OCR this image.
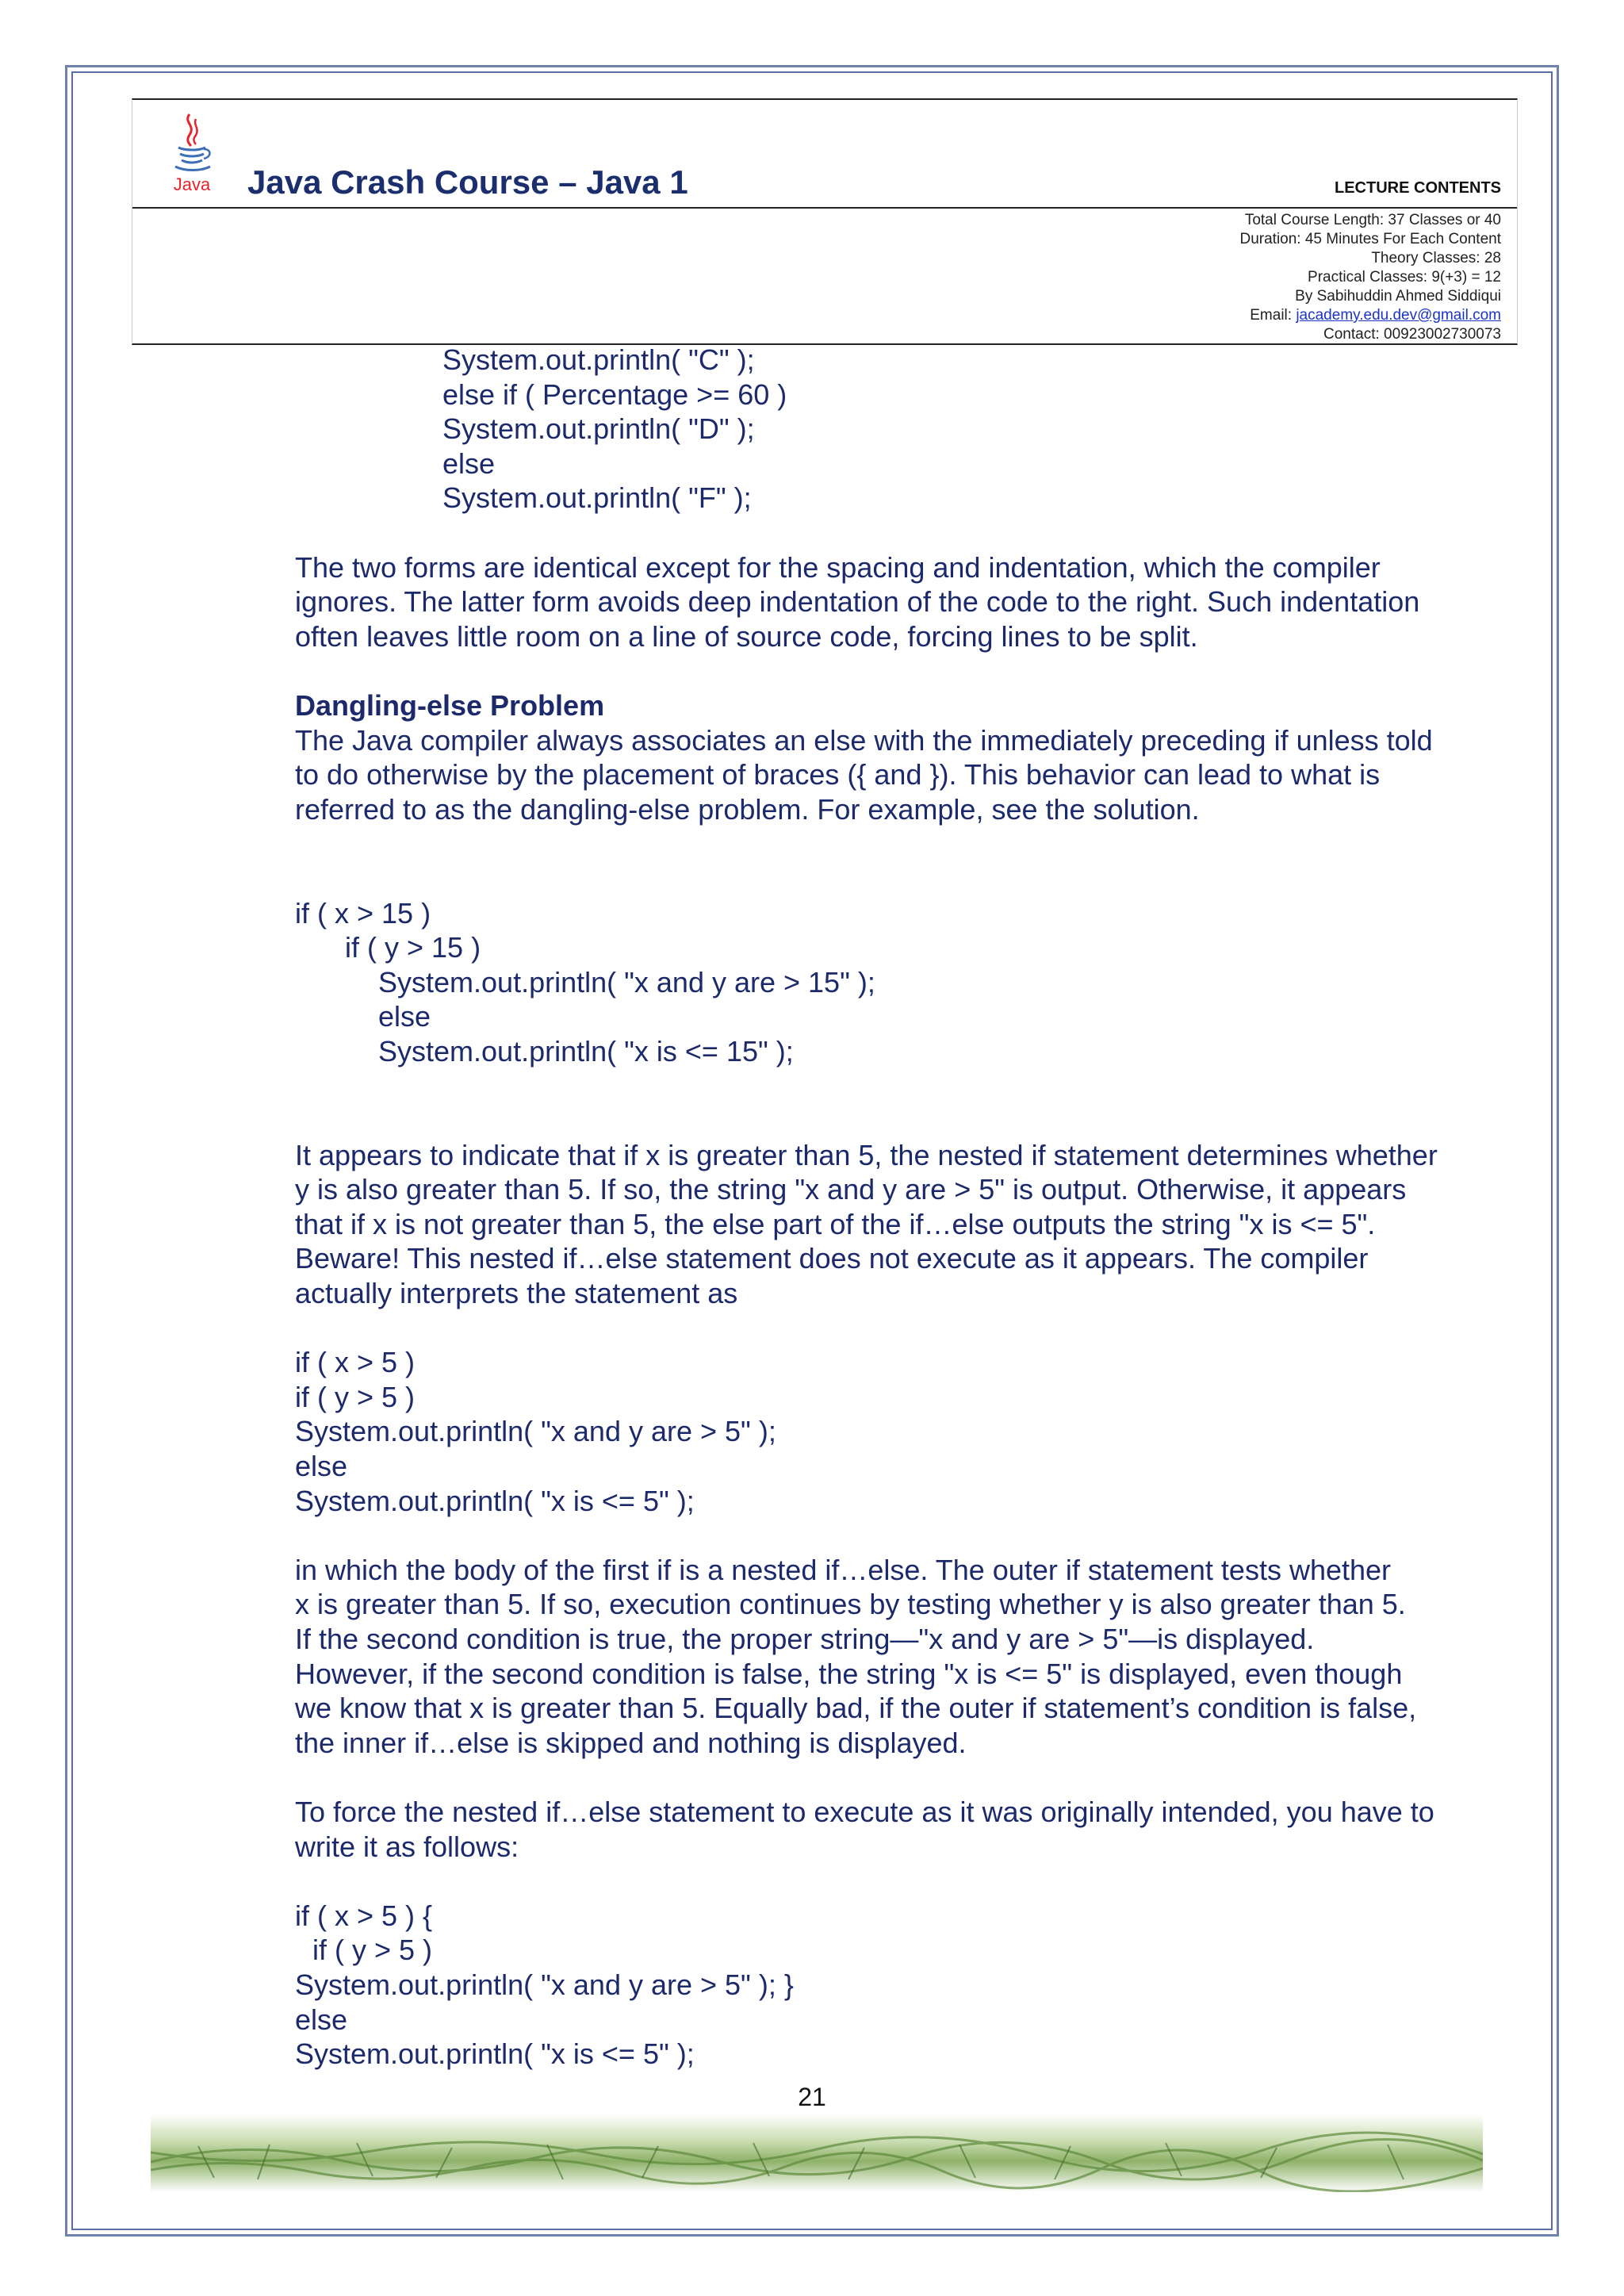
Java Java Crash Course – Java 1	LECTURE CONTENTS
Total Course Length: 37 Classes or 40
Duration: 45 Minutes For Each Content
Theory Classes: 28
Practical Classes: 9(+3) = 12
By Sabihuddin Ahmed Siddiqui
Email: jacademy.edu.dev@gmail.com
Contact: 00923002730073

System.out.println( "C" );

else if ( Percentage >= 60 )

System.out.println( "D" );

else

System.out.println( "F" );

The two forms are identical except for the spacing and indentation, which the compiler

ignores. The latter form avoids deep indentation of the code to the right. Such indentation

often leaves little room on a line of source code, forcing lines to be split.

Dangling-else Problem

The Java compiler always associates an else with the immediately preceding if unless told

to do otherwise by the placement of braces ({ and }). This behavior can lead to what is

referred to as the dangling-else problem. For example, see the solution.

if ( x > 15 )

if ( y > 15 )

System.out.println( "x and y are > 15" );

else

System.out.println( "x is <= 15" );

It appears to indicate that if x is greater than 5, the nested if statement determines whether

y is also greater than 5. If so, the string "x and y are > 5" is output. Otherwise, it appears

that if x is not greater than 5, the else part of the if…else outputs the string "x is <= 5".

Beware! This nested if…else statement does not execute as it appears. The compiler

actually interprets the statement as

if ( x > 5 )

if ( y > 5 )

System.out.println( "x and y are > 5" );

else

System.out.println( "x is <= 5" );

in which the body of the first if is a nested if…else. The outer if statement tests whether

x is greater than 5. If so, execution continues by testing whether y is also greater than 5.

If the second condition is true, the proper string—"x and y are > 5"—is displayed.

However, if the second condition is false, the string "x is <= 5" is displayed, even though

we know that x is greater than 5. Equally bad, if the outer if statement’s condition is false,

the inner if…else is skipped and nothing is displayed.

To force the nested if…else statement to execute as it was originally intended, you have to

write it as follows:

if ( x > 5 ) {

if ( y > 5 )

System.out.println( "x and y are > 5" ); }

else

System.out.println( "x is <= 5" );

21
